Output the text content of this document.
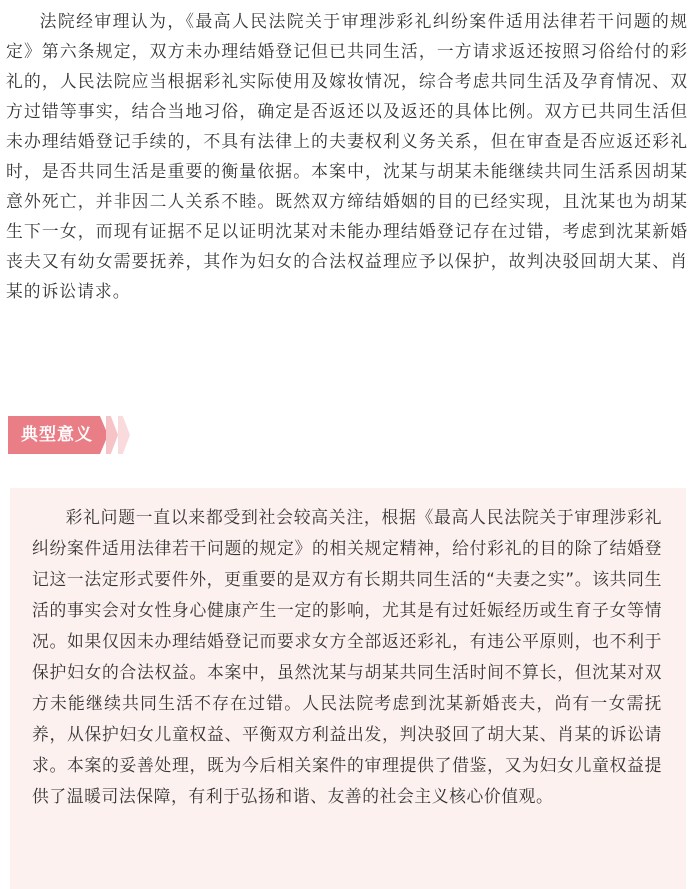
法院经审理认为，《最高人民法院关于审理涉彩礼纠纷案件适用法律若干问题的规定》第六条规定，双方未办理结婚登记但已共同生活，一方请求返还按照习俗给付的彩礼的，人民法院应当根据彩礼实际使用及嫁妆情况，综合考虑共同生活及孕育情况、双方过错等事实，结合当地习俗，确定是否返还以及返还的具体比例。双方已共同生活但未办理结婚登记手续的，不具有法律上的夫妻权利义务关系，但在审查是否应返还彩礼时，是否共同生活是重要的衡量依据。本案中，沈某与胡某未能继续共同生活系因胡某意外死亡，并非因二人关系不睦。既然双方缔结婚姻的目的已经实现，且沈某也为胡某生下一女，而现有证据不足以证明沈某对未能办理结婚登记存在过错，考虑到沈某新婚丧夫又有幼女需要抚养，其作为妇女的合法权益理应予以保护，故判决驳回胡大某、肖某的诉讼请求。

典型意义

彩礼问题一直以来都受到社会较高关注，根据《最高人民法院关于审理涉彩礼纠纷案件适用法律若干问题的规定》的相关规定精神，给付彩礼的目的除了结婚登记这一法定形式要件外，更重要的是双方有长期共同生活的“夫妻之实”。该共同生活的事实会对女性身心健康产生一定的影响，尤其是有过妊娠经历或生育子女等情况。如果仅因未办理结婚登记而要求女方全部返还彩礼，有违公平原则，也不利于保护妇女的合法权益。本案中，虽然沈某与胡某共同生活时间不算长，但沈某对双方未能继续共同生活不存在过错。人民法院考虑到沈某新婚丧夫，尚有一女需抚养，从保护妇女儿童权益、平衡双方利益出发，判决驳回了胡大某、肖某的诉讼请求。本案的妥善处理，既为今后相关案件的审理提供了借鉴，又为妇女儿童权益提供了温暖司法保障，有利于弘扬和谐、友善的社会主义核心价值观。
